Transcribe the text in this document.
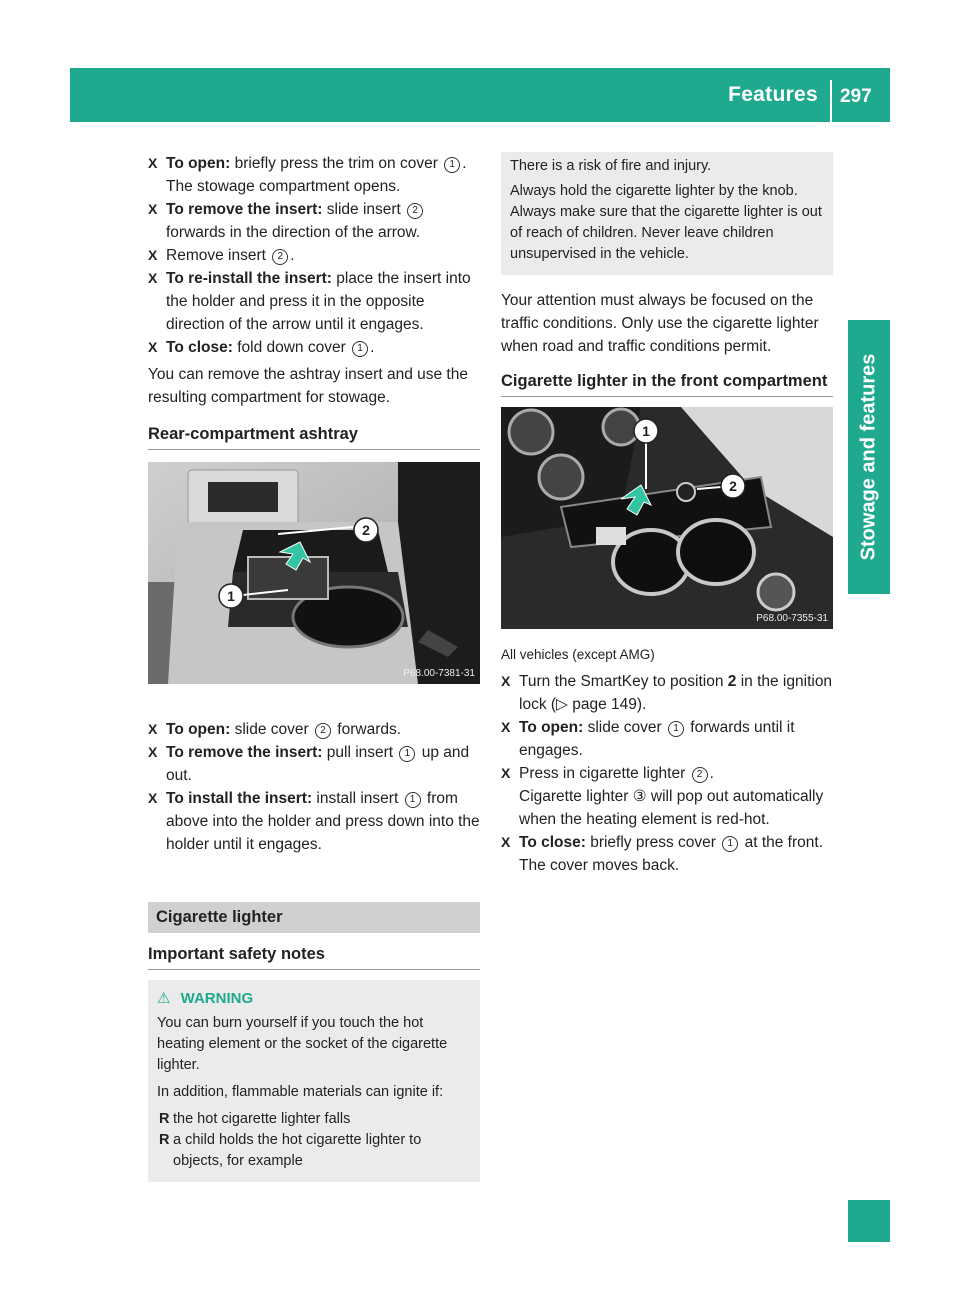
Features	297
Stowage and features
X To open: briefly press the trim on cover 1 .
The stowage compartment opens.
X To remove the insert: slide insert 2 forwards in the direction of the arrow.
X Remove insert 2 .
X To re-install the insert: place the insert into the holder and press it in the opposite direction of the arrow until it engages.
X To close: fold down cover 1 .

You can remove the ashtray insert and use the resulting compartment for stowage.

Rear-compartment ashtray
2
1
P68.00-7381-31
X To open: slide cover 2 forwards.
X To remove the insert: pull insert 1 up and out.
X To install the insert: install insert 1 from above into the holder and press down into the holder until it engages.
Cigarette lighter
Important safety notes
⚠ WARNING

You can burn yourself if you touch the hot heating element or the socket of the cigarette lighter.

In addition, flammable materials can ignite if:

R the hot cigarette lighter falls
R a child holds the hot cigarette lighter to objects, for example

There is a risk of fire and injury.

Always hold the cigarette lighter by the knob. Always make sure that the cigarette lighter is out of reach of children. Never leave children unsupervised in the vehicle.

Your attention must always be focused on the traffic conditions. Only use the cigarette lighter when road and traffic conditions permit.

Cigarette lighter in the front compartment
1
2
P68.00-7355-31

All vehicles (except AMG)

X Turn the SmartKey to position 2 in the ignition lock (▷ page 149).
X To open: slide cover 1 forwards until it engages.
X Press in cigarette lighter 2 .
Cigarette lighter ③ will pop out automatically when the heating element is red-hot.
X To close: briefly press cover 1 at the front.
The cover moves back.
